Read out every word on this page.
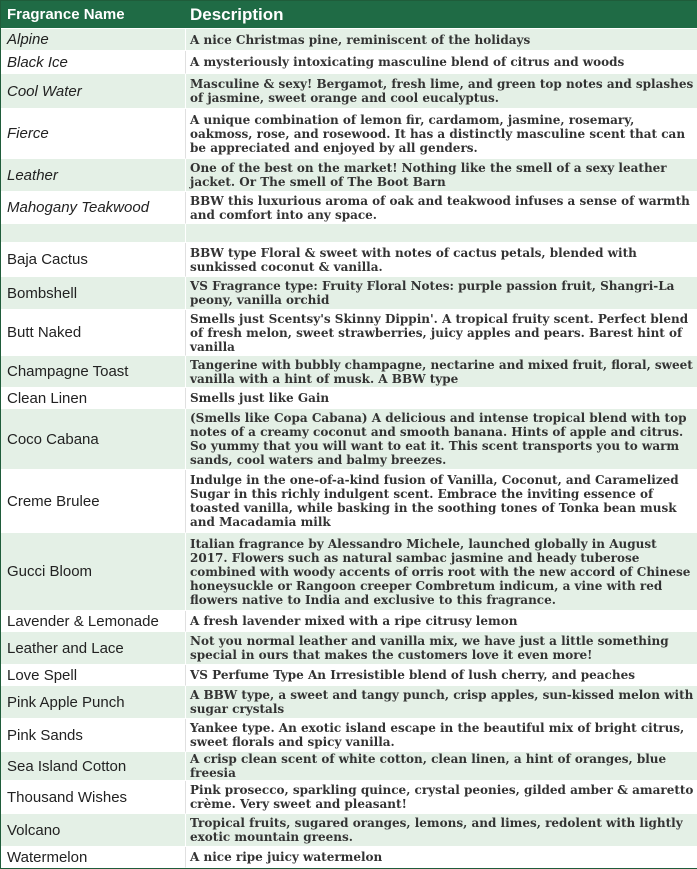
Fragrance Name	Description
Alpine	A nice Christmas pine, reminiscent of the holidays
Black Ice	A mysteriously intoxicating masculine blend of citrus and woods
Cool Water	Masculine & sexy! Bergamot, fresh lime, and green top notes and splashes of jasmine, sweet orange and cool eucalyptus.
Fierce	A unique combination of lemon fir, cardamom, jasmine, rosemary, oakmoss, rose, and rosewood. It has a distinctly masculine scent that can be appreciated and enjoyed by all genders.
Leather	One of the best on the market! Nothing like the smell of a sexy leather jacket. Or The smell of The Boot Barn
Mahogany Teakwood	BBW this luxurious aroma of oak and teakwood infuses a sense of warmth and comfort into any space.

Baja Cactus	BBW type Floral & sweet with notes of cactus petals, blended with sunkissed coconut & vanilla.
Bombshell	VS Fragrance type: Fruity Floral Notes: purple passion fruit, Shangri-La peony, vanilla orchid
Butt Naked	Smells just Scentsy's Skinny Dippin'. A tropical fruity scent. Perfect blend of fresh melon, sweet strawberries, juicy apples and pears. Barest hint of vanilla
Champagne Toast	Tangerine with bubbly champagne, nectarine and mixed fruit, floral, sweet vanilla with a hint of musk. A BBW type
Clean Linen	Smells just like Gain
Coco Cabana	(Smells like Copa Cabana) A delicious and intense tropical blend with top notes of a creamy coconut and smooth banana. Hints of apple and citrus. So yummy that you will want to eat it. This scent transports you to warm sands, cool waters and balmy breezes.
Creme Brulee	Indulge in the one-of-a-kind fusion of Vanilla, Coconut, and Caramelized Sugar in this richly indulgent scent. Embrace the inviting essence of toasted vanilla, while basking in the soothing tones of Tonka bean musk and Macadamia milk
Gucci Bloom	Italian fragrance by Alessandro Michele, launched globally in August 2017. Flowers such as natural sambac jasmine and heady tuberose combined with woody accents of orris root with the new accord of Chinese honeysuckle or Rangoon creeper Combretum indicum, a vine with red flowers native to India and exclusive to this fragrance.
Lavender & Lemonade	A fresh lavender mixed with a ripe citrusy lemon
Leather and Lace	Not you normal leather and vanilla mix, we have just a little something special in ours that makes the customers love it even more!
Love Spell	VS Perfume Type An Irresistible blend of lush cherry, and peaches
Pink Apple Punch	A BBW type, a sweet and tangy punch, crisp apples, sun-kissed melon with sugar crystals
Pink Sands	Yankee type. An exotic island escape in the beautiful mix of bright citrus, sweet florals and spicy vanilla.
Sea Island Cotton	A crisp clean scent of white cotton, clean linen, a hint of oranges, blue freesia
Thousand Wishes	Pink prosecco, sparkling quince, crystal peonies, gilded amber & amaretto crème. Very sweet and pleasant!
Volcano	Tropical fruits, sugared oranges, lemons, and limes, redolent with lightly exotic mountain greens.
Watermelon	A nice ripe juicy watermelon
